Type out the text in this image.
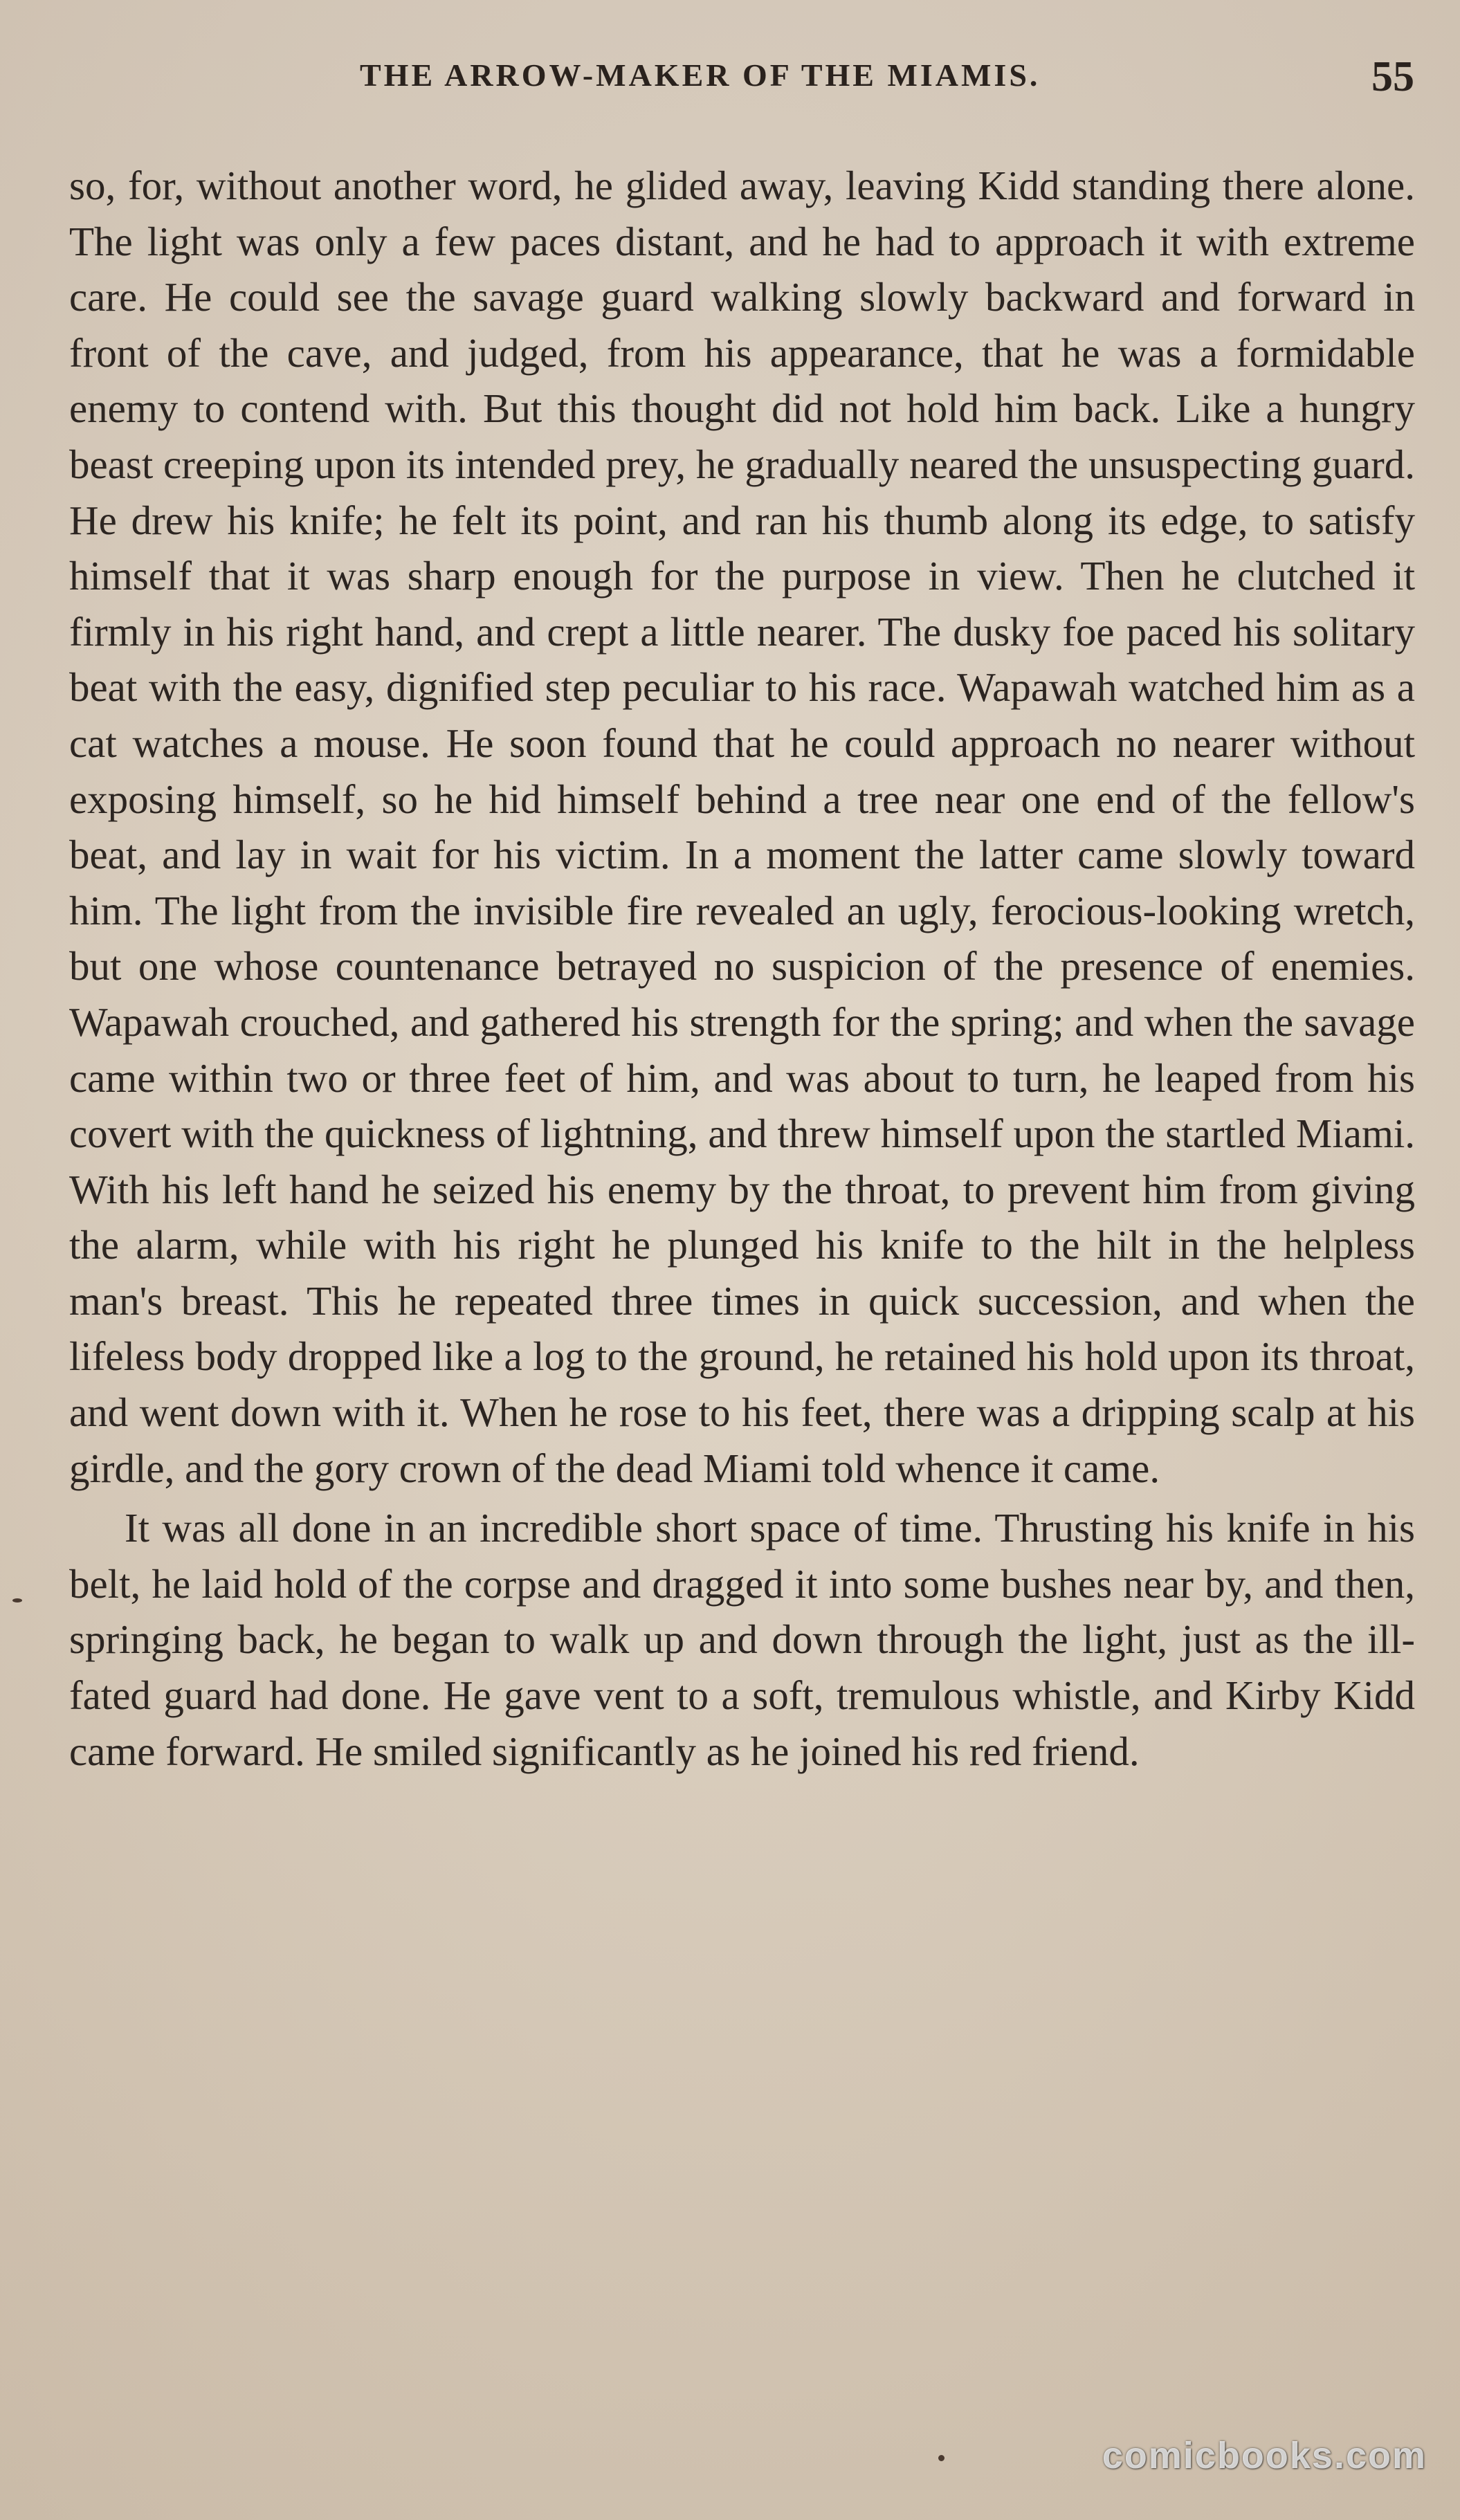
THE ARROW-MAKER OF THE MIAMIS.	55

so, for, without another word, he glided away, leaving Kidd standing there alone. The light was only a few paces distant, and he had to approach it with extreme care. He could see the savage guard walking slowly backward and forward in front of the cave, and judged, from his appearance, that he was a formidable enemy to contend with. But this thought did not hold him back. Like a hungry beast creeping upon its intended prey, he gradually neared the unsuspecting guard. He drew his knife; he felt its point, and ran his thumb along its edge, to satisfy himself that it was sharp enough for the purpose in view. Then he clutched it firmly in his right hand, and crept a little nearer. The dusky foe paced his solitary beat with the easy, dignified step peculiar to his race. Wapawah watched him as a cat watches a mouse. He soon found that he could approach no nearer without exposing himself, so he hid himself behind a tree near one end of the fellow's beat, and lay in wait for his victim. In a moment the latter came slowly toward him. The light from the invisible fire revealed an ugly, ferocious-looking wretch, but one whose countenance betrayed no suspicion of the presence of enemies. Wapawah crouched, and gathered his strength for the spring; and when the savage came within two or three feet of him, and was about to turn, he leaped from his covert with the quickness of lightning, and threw himself upon the startled Miami. With his left hand he seized his enemy by the throat, to prevent him from giving the alarm, while with his right he plunged his knife to the hilt in the helpless man's breast. This he repeated three times in quick succession, and when the lifeless body dropped like a log to the ground, he retained his hold upon its throat, and went down with it. When he rose to his feet, there was a dripping scalp at his girdle, and the gory crown of the dead Miami told whence it came.

It was all done in an incredible short space of time. Thrusting his knife in his belt, he laid hold of the corpse and dragged it into some bushes near by, and then, springing back, he began to walk up and down through the light, just as the ill-fated guard had done. He gave vent to a soft, tremulous whistle, and Kirby Kidd came forward. He smiled significantly as he joined his red friend.

comicbooks.com
